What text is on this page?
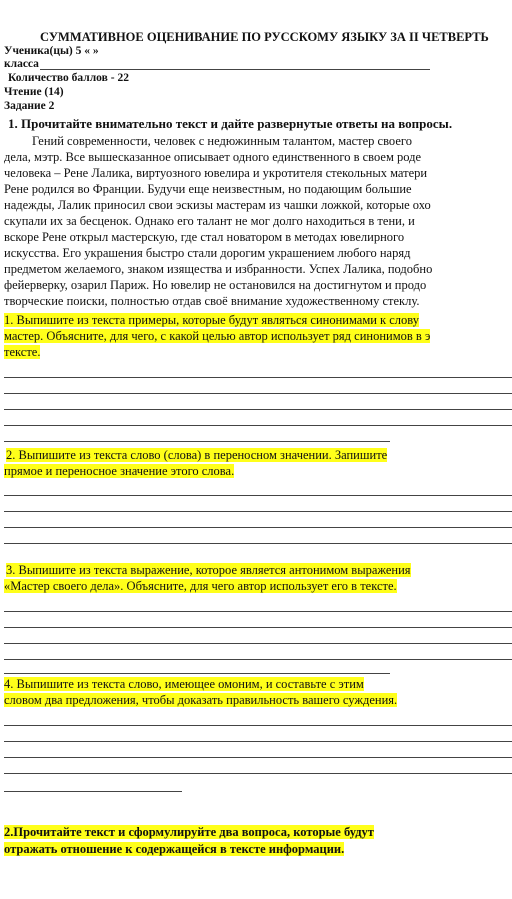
СУММАТИВНОЕ ОЦЕНИВАНИЕ ПО РУССКОМУ ЯЗЫКУ ЗА II ЧЕТВЕРТЬ
Ученика(цы) 5 « »
класса
Количество баллов - 22
Чтение (14)
Задание 2
1. Прочитайте внимательно текст и дайте развернутые ответы на вопросы.
Гений современности, человек с недюжинным талантом, мастер своего
дела, мэтр. Все вышесказанное описывает одного единственного в своем роде
человека – Рене Лалика, виртуозного ювелира и укротителя стекольных матери
Рене родился во Франции. Будучи еще неизвестным, но подающим большие
надежды, Лалик приносил свои эскизы мастерам из чашки ложкой, которые охо
скупали их за бесценок. Однако его талант не мог долго находиться в тени, и
вскоре Рене открыл мастерскую, где стал новатором в методах ювелирного
искусства. Его украшения быстро стали дорогим украшением любого наряд
предметом желаемого, знаком изящества и избранности. Успех Лалика, подобно
фейерверку, озарил Париж. Но ювелир не остановился на достигнутом и продо
творческие поиски, полностью отдав своё внимание художественному стеклу.
1. Выпишите из текста примеры, которые будут являться синонимами к слову
мастер. Объясните, для чего, с какой целью автор использует ряд синонимов в э
тексте.
2. Выпишите из текста слово (слова) в переносном значении. Запишите
прямое и переносное значение этого слова.
3. Выпишите из текста выражение, которое является антонимом выражения
«Мастер своего дела». Объясните, для чего автор использует его в тексте.
4. Выпишите из текста слово, имеющее омоним, и составьте с этим
словом два предложения, чтобы доказать правильность вашего суждения.
2.Прочитайте текст и сформулируйте два вопроса, которые будут
отражать отношение к содержащейся в тексте информации.
